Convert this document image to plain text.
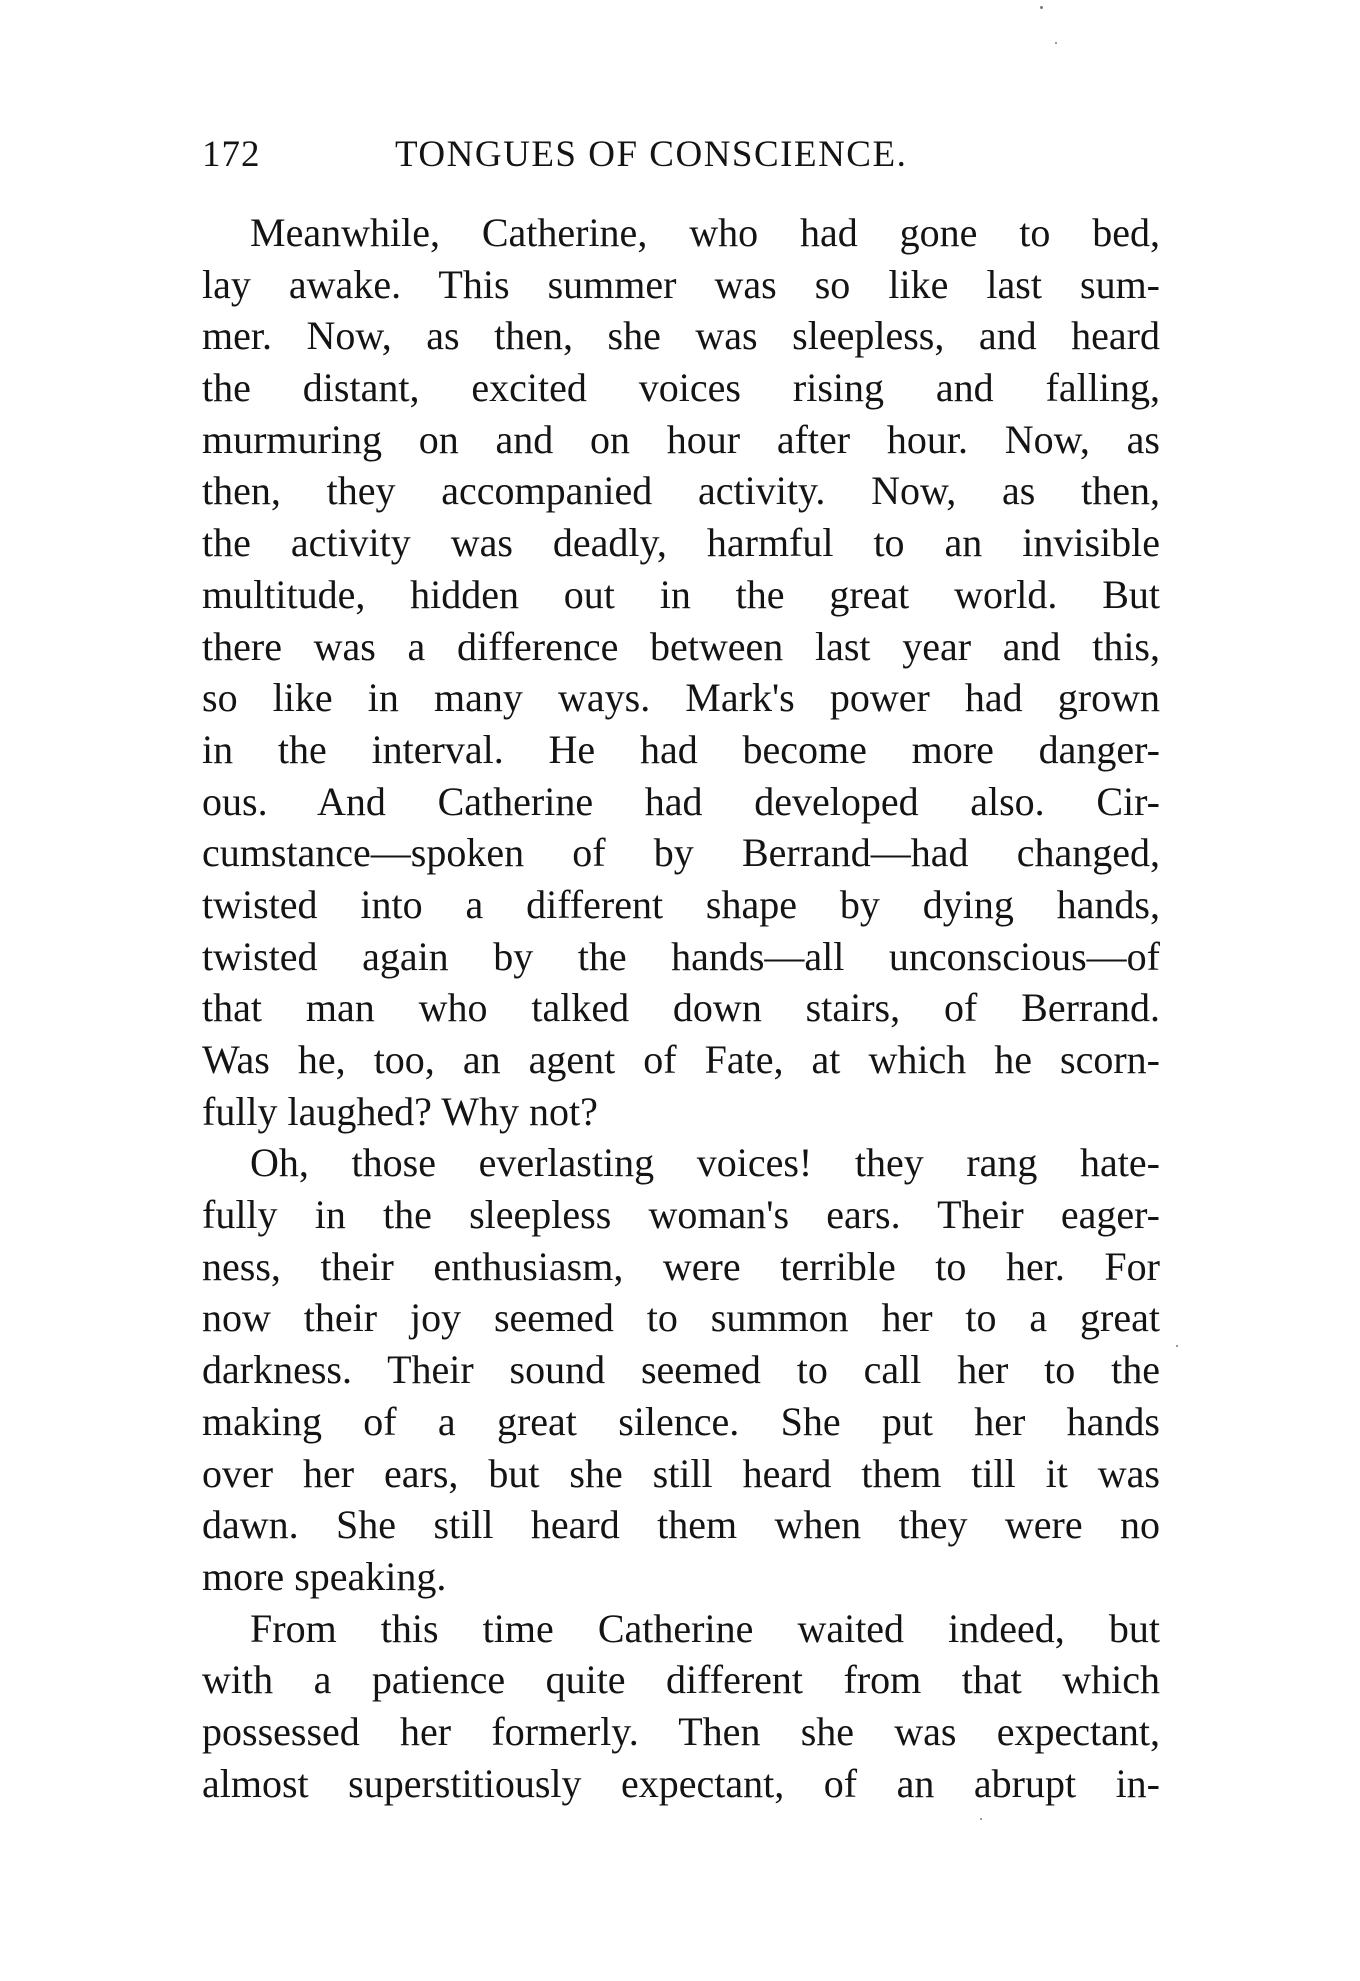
172	TONGUES OF CONSCIENCE.
Meanwhile, Catherine, who had gone to bed,
lay awake. This summer was so like last sum-
mer. Now, as then, she was sleepless, and heard
the distant, excited voices rising and falling,
murmuring on and on hour after hour. Now, as
then, they accompanied activity. Now, as then,
the activity was deadly, harmful to an invisible
multitude, hidden out in the great world. But
there was a difference between last year and this,
so like in many ways. Mark's power had grown
in the interval. He had become more danger-
ous. And Catherine had developed also. Cir-
cumstance—spoken of by Berrand—had changed,
twisted into a different shape by dying hands,
twisted again by the hands—all unconscious—of
that man who talked down stairs, of Berrand.
Was he, too, an agent of Fate, at which he scorn-
fully laughed? Why not?
Oh, those everlasting voices! they rang hate-
fully in the sleepless woman's ears. Their eager-
ness, their enthusiasm, were terrible to her. For
now their joy seemed to summon her to a great
darkness. Their sound seemed to call her to the
making of a great silence. She put her hands
over her ears, but she still heard them till it was
dawn. She still heard them when they were no
more speaking.
From this time Catherine waited indeed, but
with a patience quite different from that which
possessed her formerly. Then she was expectant,
almost superstitiously expectant, of an abrupt in-
